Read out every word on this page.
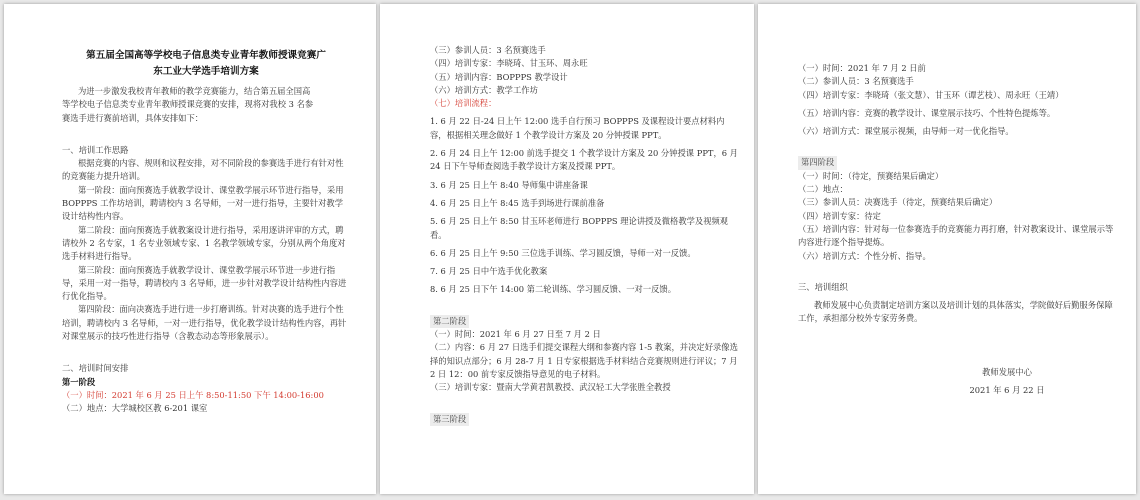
第五届全国高等学校电子信息类专业青年教师授课竞赛广
东工业大学选手培训方案
为进一步激发我校青年教师的教学竞赛能力，结合第五届全国高
等学校电子信息类专业青年教师授课竞赛的安排，现将对我校 3 名参
赛选手进行赛前培训，具体安排如下：
一、培训工作思路
根据竞赛的内容、规则和议程安排，对不同阶段的参赛选手进行有针对性的竞赛能力提升培训。
第一阶段：面向预赛选手就教学设计、课堂教学展示环节进行指导，采用 BOPPPS 工作坊培训，聘请校内 3 名导师，一对一进行指导，主要针对教学设计结构性内容。
第二阶段：面向预赛选手就教案设计进行指导，采用逐讲评审的方式，聘请校外 2 名专家，1 名专业领域专家、1 名教学领域专家，分别从两个角度对选手材料进行指导。
第三阶段：面向预赛选手就教学设计、课堂教学展示环节进一步进行指导，采用一对一指导，聘请校内 3 名导师，进一步针对教学设计结构性内容进行优化指导。
第四阶段：面向决赛选手进行进一步打磨训练。针对决赛的选手进行个性培训，聘请校内 3 名导师，一对一进行指导，优化教学设计结构性内容，再针对课堂展示的技巧性进行指导（含教态动态等形象展示）。
二、培训时间安排
第一阶段
（一）时间：2021 年 6 月 25 日上午 8:50-11:50 下午 14:00-16:00
（二）地点：大学城校区教 6-201 课室
（三）参训人员：3 名预赛选手
（四）培训专家：李晓琦、甘玉环、周永旺
（五）培训内容：BOPPPS 教学设计
（六）培训方式：教学工作坊
（七）培训流程：
1. 6 月 22 日-24 日上午 12:00 选手自行预习 BOPPPS 及课程设计要点材料内容，根据相关理念做好 1 个教学设计方案及 20 分钟授课 PPT。
2. 6 月 24 日上午 12:00 前选手提交 1 个教学设计方案及 20 分钟授课 PPT，6 月 24 日下午导师查阅选手教学设计方案及授课 PPT。
3. 6 月 25 日上午 8:40 导师集中讲座备课
4. 6 月 25 日上午 8:45 选手到场进行课前准备
5. 6 月 25 日上午 8:50 甘玉环老师进行 BOPPPS 理论讲授及微格教学及视频观看。
6. 6 月 25 日上午 9:50 三位选手训练、学习圆反馈，导师一对一反馈。
7. 6 月 25 日中午选手优化教案
8. 6 月 25 日下午 14:00 第二轮训练、学习圆反馈、一对一反馈。
第二阶段
（一）时间：2021 年 6 月 27 日至 7 月 2 日
（二）内容：6 月 27 日选手们提交课程大纲和参赛内容 1-5 教案，并决定好录像选择的知识点部分；6 月 28-7 月 1 日专家根据选手材料结合竞赛规则进行评议；7 月 2 日 12：00 前专家反馈指导意见的电子材料。
（三）培训专家：暨南大学黄君凯教授、武汉轻工大学张胜全教授
第三阶段
（一）时间：2021 年 7 月 2 日前
（二）参训人员：3 名预赛选手
（四）培训专家：李晓琦（张文慧）、甘玉环（谭艺枝）、周永旺（王靖）
（五）培训内容：竞赛的教学设计、课堂展示技巧、个性特色提炼等。
（六）培训方式：课堂展示视频，由导师一对一优化指导。
第四阶段
（一）时间：（待定，预赛结果后确定）
（二）地点：
（三）参训人员：决赛选手（待定，预赛结果后确定）
（四）培训专家：待定
（五）培训内容：针对每一位参赛选手的竞赛能力再打磨，针对教案设计、课堂展示等内容进行逐个指导提炼。
（六）培训方式：个性分析、指导。
三、培训组织
教师发展中心负责制定培训方案以及培训计划的具体落实，学院做好后勤服务保障工作，承担部分校外专家劳务费。
教师发展中心
2021 年 6 月 22 日
